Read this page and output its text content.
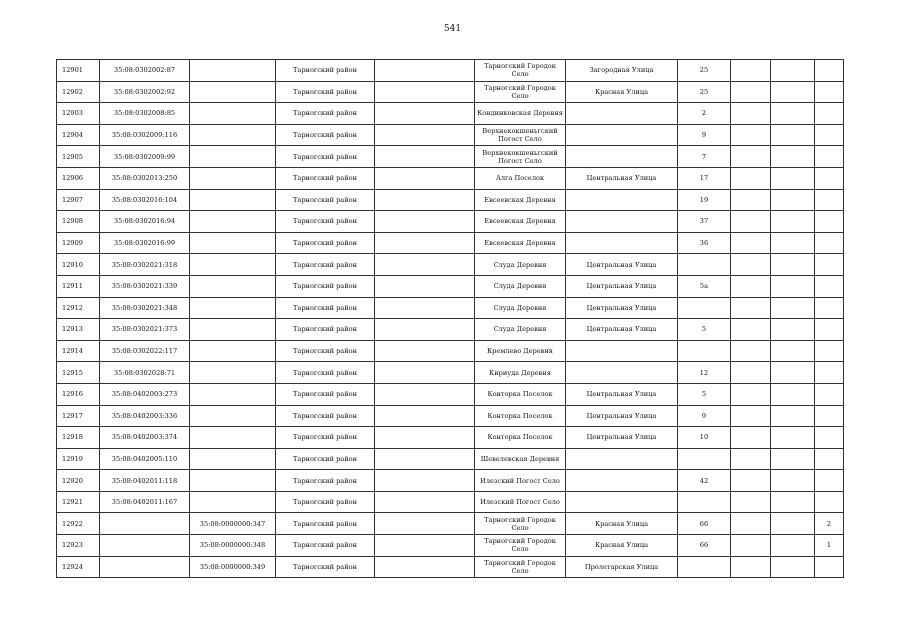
541
12901	35:08:0302002:87		Тарногский район		Тарногский Городок Село	Загородная Улица	25			
12902	35:08:0302002:92		Тарногский район		Тарногский Городок Село	Красная Улица	25			
12903	35:08:0302008:85		Тарногский район		Кондинковская Деревня		2			
12904	35:08:0302009:116		Тарногский район		Верхнекокшеньгский Погост Село		9			
12905	35:08:0302009:99		Тарногский район		Верхнекокшеньгский Погост Село		7			
12906	35:08:0302013:250		Тарногский район		Алга Поселок	Центральная Улица	17			
12907	35:08:0302016:104		Тарногский район		Евсеевская Деревня		19			
12908	35:08:0302016:94		Тарногский район		Евсеевская Деревня		37			
12909	35:08:0302016:99		Тарногский район		Евсеевская Деревня		36			
12910	35:08:0302021:318		Тарногский район		Слуда Деревня	Центральная Улица				
12911	35:08:0302021:339		Тарногский район		Слуда Деревня	Центральная Улица	5а			
12912	35:08:0302021:348		Тарногский район		Слуда Деревня	Центральная Улица				
12913	35:08:0302021:373		Тарногский район		Слуда Деревня	Центральная Улица	5			
12914	35:08:0302022:117		Тарногский район		Кремлево Деревня					
12915	35:08:0302028:71		Тарногский район		Кириуда Деревня		12			
12916	35:08:0402003:273		Тарногский район		Конторка Поселок	Центральная Улица	5			
12917	35:08:0402003:336		Тарногский район		Конторка Поселок	Центральная Улица	9			
12918	35:08:0402003:374		Тарногский район		Конторка Поселок	Центральная Улица	10			
12919	35:08:0402005:110		Тарногский район		Шевелевская Деревня					
12920	35:08:0402011:118		Тарногский район		Илезский Погост Село		42			
12921	35:08:0402011:167		Тарногский район		Илезский Погост Село					
12922		35:08:0000000:347	Тарногский район		Тарногский Городок Село	Красная Улица	66			2
12923		35:08:0000000:348	Тарногский район		Тарногский Городок Село	Красная Улица	66			1
12924		35:08:0000000:349	Тарногский район		Тарногский Городок Село	Пролетарская Улица				
